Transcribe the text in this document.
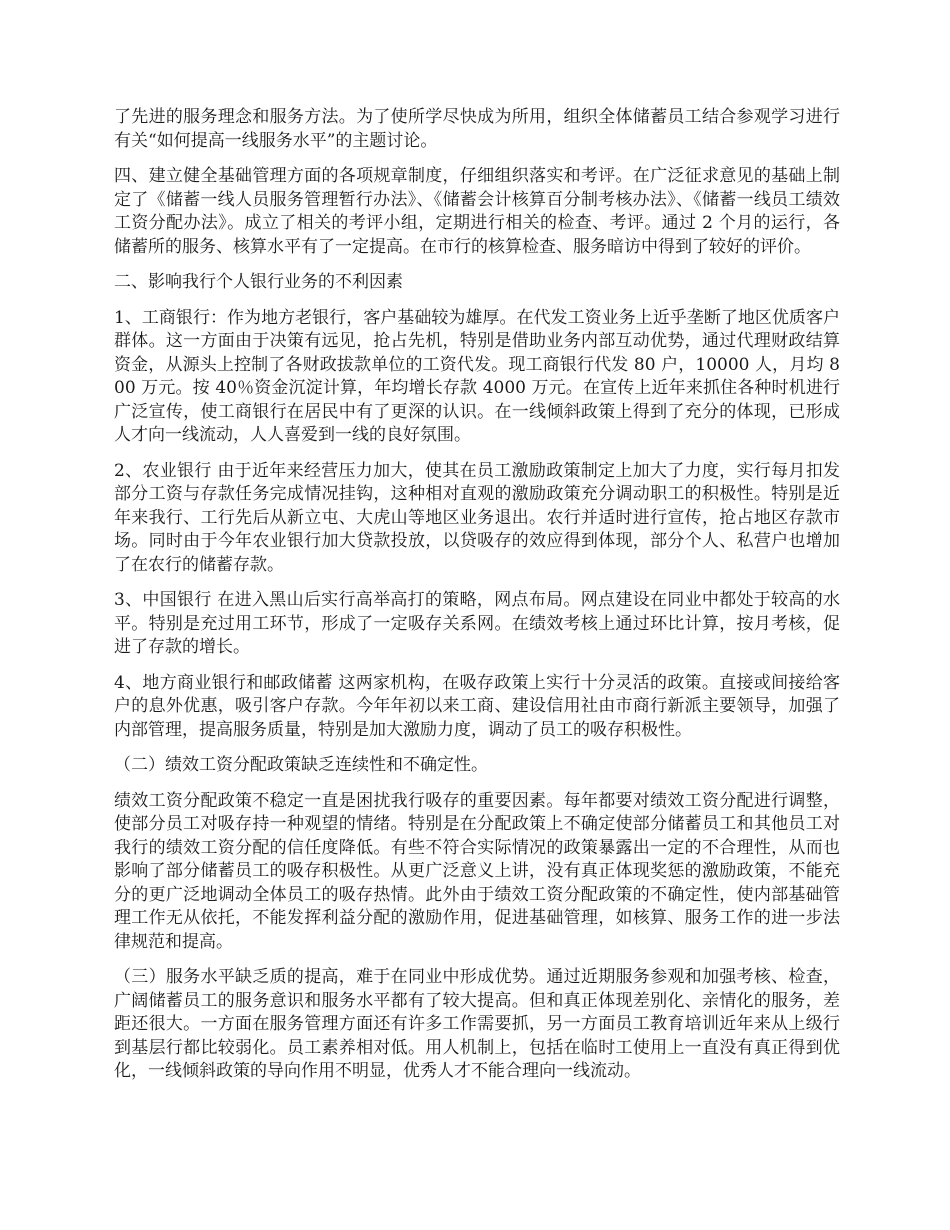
了先进的服务理念和服务方法。为了使所学尽快成为所用，组织全体储蓄员工结合参观学习进行有关“如何提高一线服务水平”的主题讨论。

四、建立健全基础管理方面的各项规章制度，仔细组织落实和考评。在广泛征求意见的基础上制定了《储蓄一线人员服务管理暂行办法》、《储蓄会计核算百分制考核办法》、《储蓄一线员工绩效工资分配办法》。成立了相关的考评小组，定期进行相关的检查、考评。通过 2 个月的运行，各储蓄所的服务、核算水平有了一定提高。在市行的核算检查、服务暗访中得到了较好的评价。

二、影响我行个人银行业务的不利因素

1、工商银行：作为地方老银行，客户基础较为雄厚。在代发工资业务上近乎垄断了地区优质客户群体。这一方面由于决策有远见，抢占先机，特别是借助业务内部互动优势，通过代理财政结算资金，从源头上控制了各财政拔款单位的工资代发。现工商银行代发 80 户，10000 人，月均 800 万元。按 40％资金沉淀计算，年均增长存款 4000 万元。在宣传上近年来抓住各种时机进行广泛宣传，使工商银行在居民中有了更深的认识。在一线倾斜政策上得到了充分的体现，已形成人才向一线流动，人人喜爱到一线的良好氛围。

2、农业银行 由于近年来经营压力加大，使其在员工激励政策制定上加大了力度，实行每月扣发部分工资与存款任务完成情况挂钩，这种相对直观的激励政策充分调动职工的积极性。特别是近年来我行、工行先后从新立屯、大虎山等地区业务退出。农行并适时进行宣传，抢占地区存款市场。同时由于今年农业银行加大贷款投放，以贷吸存的效应得到体现，部分个人、私营户也增加了在农行的储蓄存款。

3、中国银行 在进入黑山后实行高举高打的策略，网点布局。网点建设在同业中都处于较高的水平。特别是充过用工环节，形成了一定吸存关系网。在绩效考核上通过环比计算，按月考核，促进了存款的增长。

4、地方商业银行和邮政储蓄 这两家机构，在吸存政策上实行十分灵活的政策。直接或间接给客户的息外优惠，吸引客户存款。今年年初以来工商、建设信用社由市商行新派主要领导，加强了内部管理，提高服务质量，特别是加大激励力度，调动了员工的吸存积极性。

（二）绩效工资分配政策缺乏连续性和不确定性。

绩效工资分配政策不稳定一直是困扰我行吸存的重要因素。每年都要对绩效工资分配进行调整，使部分员工对吸存持一种观望的情绪。特别是在分配政策上不确定使部分储蓄员工和其他员工对我行的绩效工资分配的信任度降低。有些不符合实际情况的政策暴露出一定的不合理性，从而也影响了部分储蓄员工的吸存积极性。从更广泛意义上讲，没有真正体现奖惩的激励政策，不能充分的更广泛地调动全体员工的吸存热情。此外由于绩效工资分配政策的不确定性，使内部基础管理工作无从依托，不能发挥利益分配的激励作用，促进基础管理，如核算、服务工作的进一步法律规范和提高。

（三）服务水平缺乏质的提高，难于在同业中形成优势。通过近期服务参观和加强考核、检查，广阔储蓄员工的服务意识和服务水平都有了较大提高。但和真正体现差别化、亲情化的服务，差距还很大。一方面在服务管理方面还有许多工作需要抓，另一方面员工教育培训近年来从上级行到基层行都比较弱化。员工素养相对低。用人机制上，包括在临时工使用上一直没有真正得到优化，一线倾斜政策的导向作用不明显，优秀人才不能合理向一线流动。
